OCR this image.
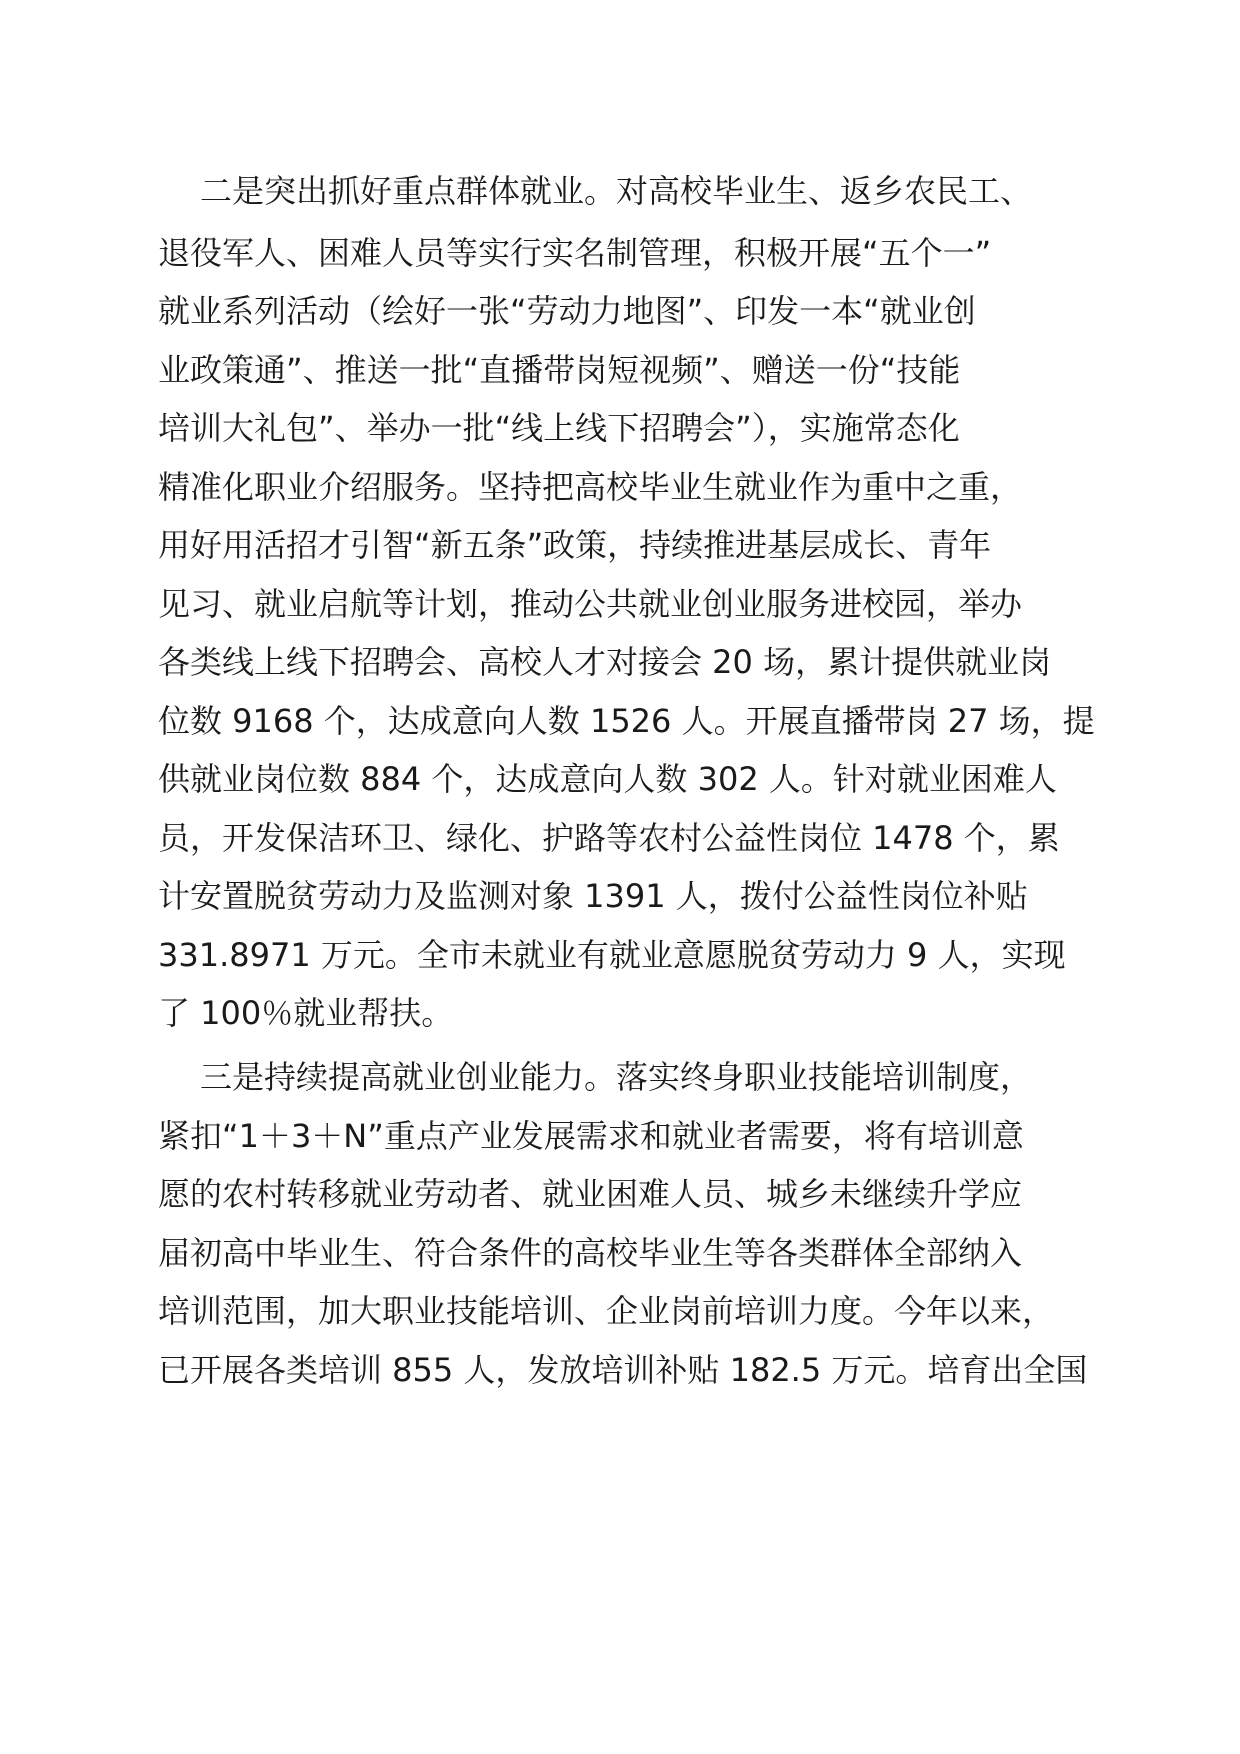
二是突出抓好重点群体就业。对高校毕业生、返乡农民工、

退役军人、困难人员等实行实名制管理，积极开展“五个一”

就业系列活动（绘好一张“劳动力地图”、印发一本“就业创

业政策通”、推送一批“直播带岗短视频”、赠送一份“技能

培训大礼包”、举办一批“线上线下招聘会”），实施常态化

精准化职业介绍服务。坚持把高校毕业生就业作为重中之重，

用好用活招才引智“新五条”政策，持续推进基层成长、青年

见习、就业启航等计划，推动公共就业创业服务进校园，举办

各类线上线下招聘会、高校人才对接会 20 场，累计提供就业岗

位数 9168 个，达成意向人数 1526 人。开展直播带岗 27 场，提

供就业岗位数 884 个，达成意向人数 302 人。针对就业困难人

员，开发保洁环卫、绿化、护路等农村公益性岗位 1478 个，累

计安置脱贫劳动力及监测对象 1391 人，拨付公益性岗位补贴

331.8971 万元。全市未就业有就业意愿脱贫劳动力 9 人，实现

了 100％就业帮扶。

三是持续提高就业创业能力。落实终身职业技能培训制度，

紧扣“1＋3＋N”重点产业发展需求和就业者需要，将有培训意

愿的农村转移就业劳动者、就业困难人员、城乡未继续升学应

届初高中毕业生、符合条件的高校毕业生等各类群体全部纳入

培训范围，加大职业技能培训、企业岗前培训力度。今年以来，

已开展各类培训 855 人，发放培训补贴 182.5 万元。培育出全国
